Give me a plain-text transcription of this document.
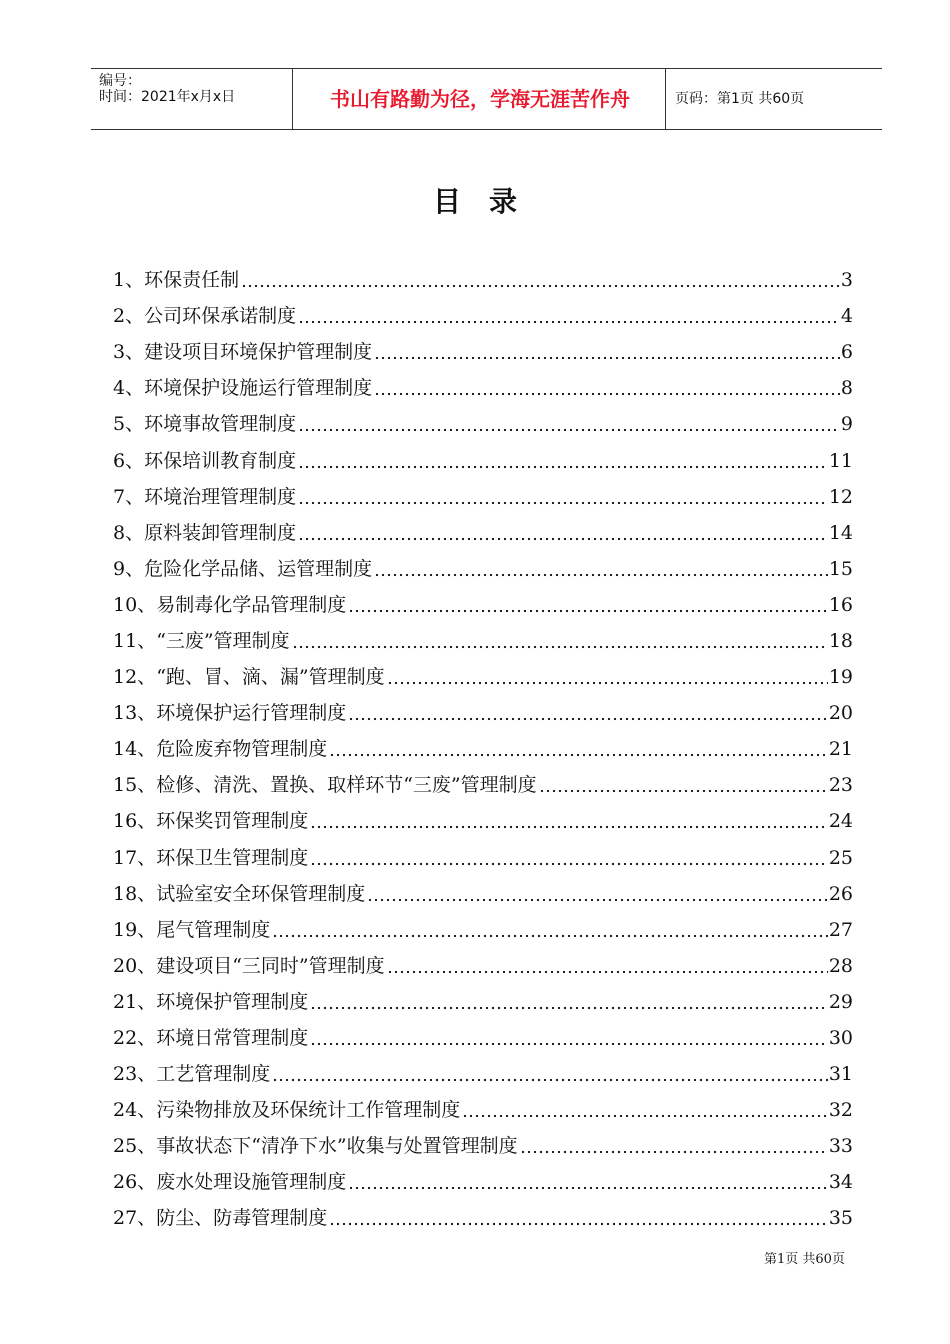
编号：
时间：2021年x月x日	书山有路勤为径，学海无涯苦作舟	页码：第1页 共60页
目录
1、 环保责任制	3
2、 公司环保承诺制度	4
3、 建设项目环境保护管理制度	6
4、 环境保护设施运行管理制度	8
5、 环境事故管理制度	9
6、 环保培训教育制度	11
7、 环境治理管理制度	12
8、 原料装卸管理制度	14
9、 危险化学品储、运管理制度	15
10、 易制毒化学品管理制度	16
11、 “三废”管理制度	18
12、 “跑、冒、滴、漏”管理制度	19
13、 环境保护运行管理制度	20
14、 危险废弃物管理制度	21
15、 检修、清洗、置换、取样环节“三废”管理制度	23
16、 环保奖罚管理制度	24
17、 环保卫生管理制度	25
18、 试验室安全环保管理制度	26
19、 尾气管理制度	27
20、 建设项目“三同时”管理制度	28
21、 环境保护管理制度	29
22、 环境日常管理制度	30
23、 工艺管理制度	31
24、 污染物排放及环保统计工作管理制度	32
25、 事故状态下“清净下水”收集与处置管理制度	33
26、 废水处理设施管理制度	34
27、 防尘、防毒管理制度	35
第1页 共60页
